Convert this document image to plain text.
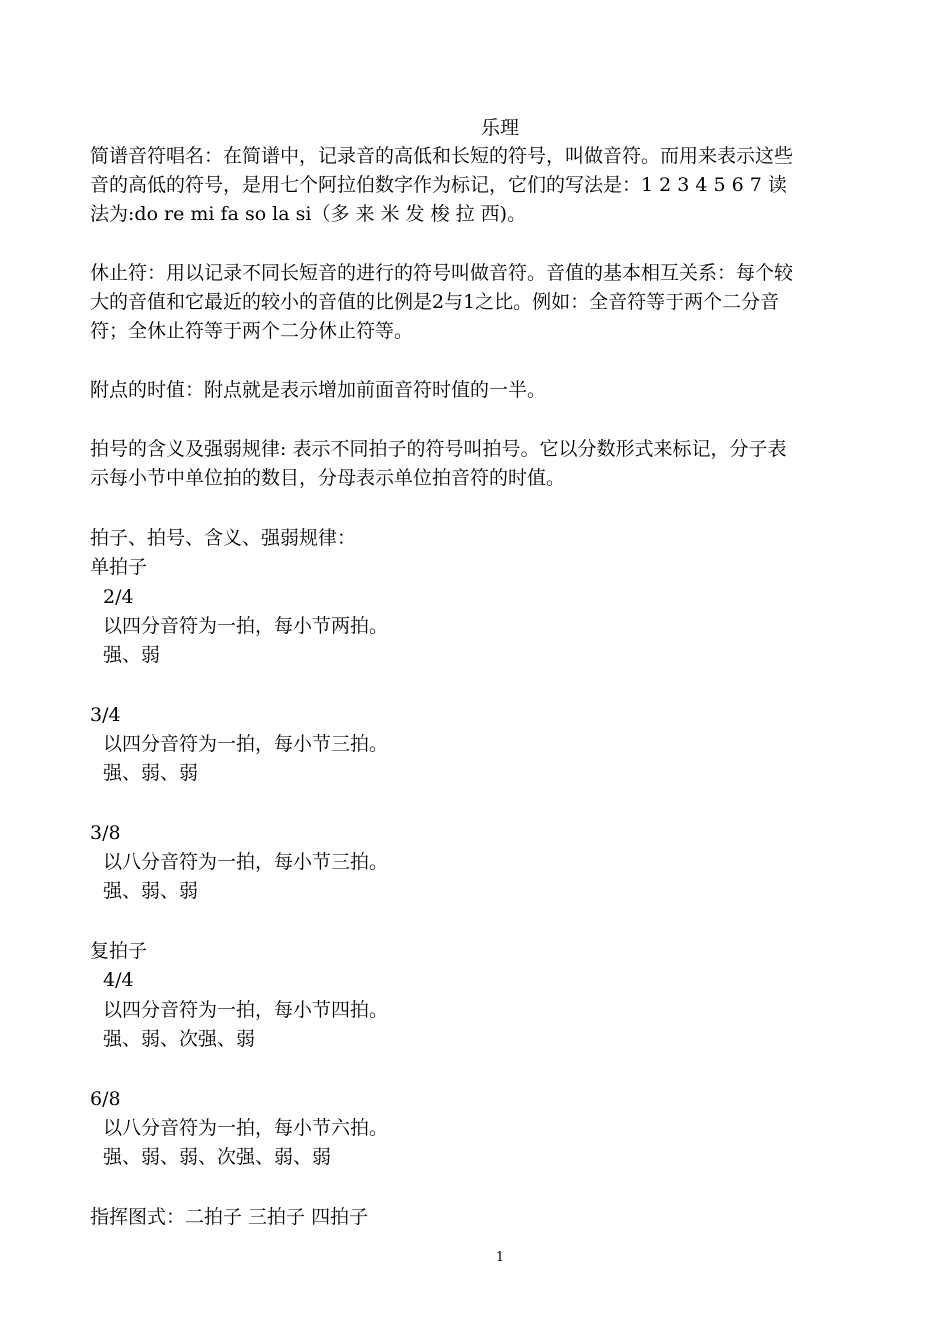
乐理
简谱音符唱名：在简谱中，记录音的高低和长短的符号，叫做音符。而用来表示这些
音的高低的符号，是用七个阿拉伯数字作为标记，它们的写法是：1 2 3 4 5 6 7 读
法为:do re mi fa so la si（多 来 米 发 梭 拉 西)。
休止符：用以记录不同长短音的进行的符号叫做音符。音值的基本相互关系：每个较
大的音值和它最近的较小的音值的比例是2与1之比。例如：全音符等于两个二分音
符；全休止符等于两个二分休止符等。
附点的时值：附点就是表示增加前面音符时值的一半。
拍号的含义及强弱规律: 表示不同拍子的符号叫拍号。它以分数形式来标记，分子表
示每小节中单位拍的数目，分母表示单位拍音符的时值。
拍子、拍号、含义、强弱规律：
单拍子
2/4
以四分音符为一拍，每小节两拍。
强、弱
3/4
以四分音符为一拍，每小节三拍。
强、弱、弱
3/8
以八分音符为一拍，每小节三拍。
强、弱、弱
复拍子
4/4
以四分音符为一拍，每小节四拍。
强、弱、次强、弱
6/8
以八分音符为一拍，每小节六拍。
强、弱、弱、次强、弱、弱
指挥图式：二拍子 三拍子 四拍子
1
